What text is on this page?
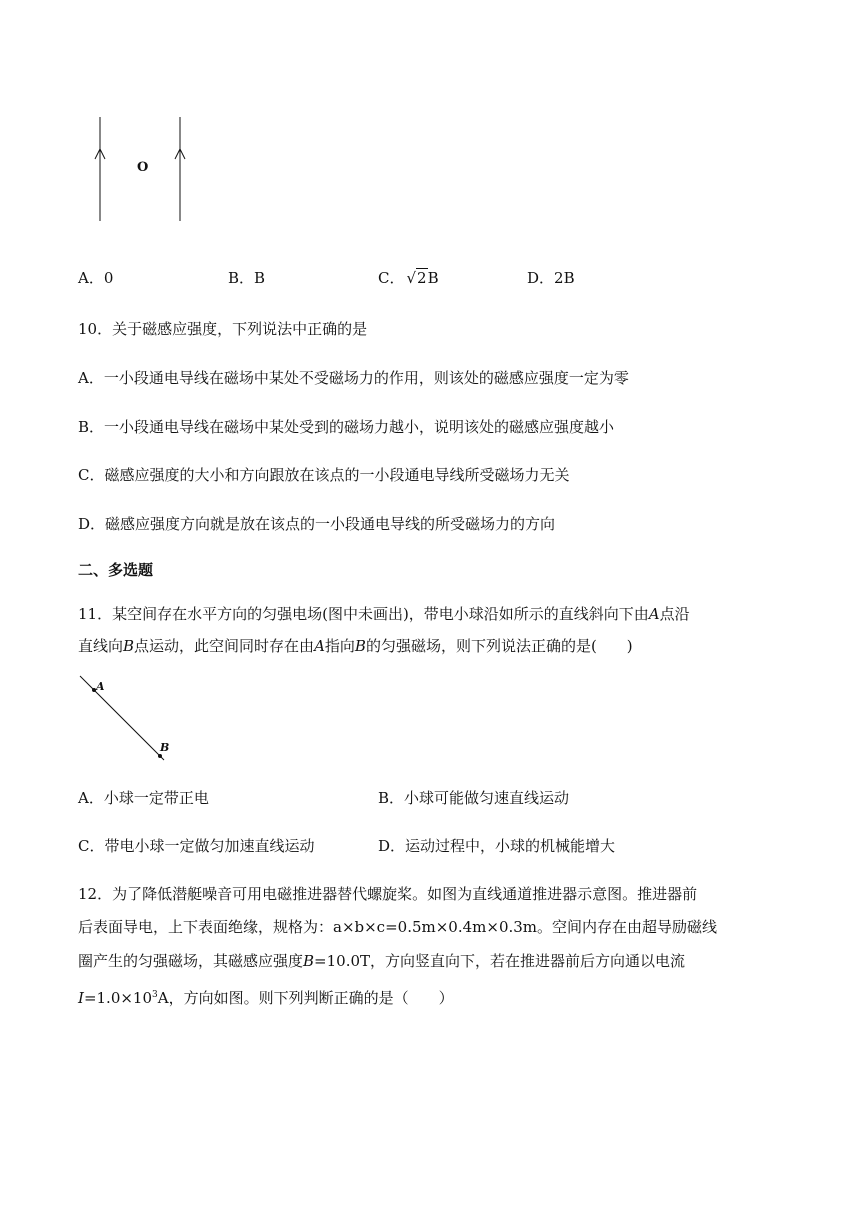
O
A．0	B．B	C． √2B	D．2B
10．关于磁感应强度，下列说法中正确的是
A．一小段通电导线在磁场中某处不受磁场力的作用，则该处的磁感应强度一定为零
B．一小段通电导线在磁场中某处受到的磁场力越小，说明该处的磁感应强度越小
C．磁感应强度的大小和方向跟放在该点的一小段通电导线所受磁场力无关
D．磁感应强度方向就是放在该点的一小段通电导线的所受磁场力的方向
二、多选题
11．某空间存在水平方向的匀强电场(图中未画出)，带电小球沿如所示的直线斜向下由A点沿
直线向B点运动，此空间同时存在由A指向B的匀强磁场，则下列说法正确的是(　　)
A
B
A．小球一定带正电	B．小球可能做匀速直线运动
C．带电小球一定做匀加速直线运动	D．运动过程中，小球的机械能增大
12．为了降低潜艇噪音可用电磁推进器替代螺旋桨。如图为直线通道推进器示意图。推进器前
后表面导电，上下表面绝缘，规格为：a×b×c=0.5m×0.4m×0.3m。空间内存在由超导励磁线
圈产生的匀强磁场，其磁感应强度B=10.0T，方向竖直向下，若在推进器前后方向通以电流
$I=1.0\times 10^3A$，方向如图。则下列判断正确的是（　　）
